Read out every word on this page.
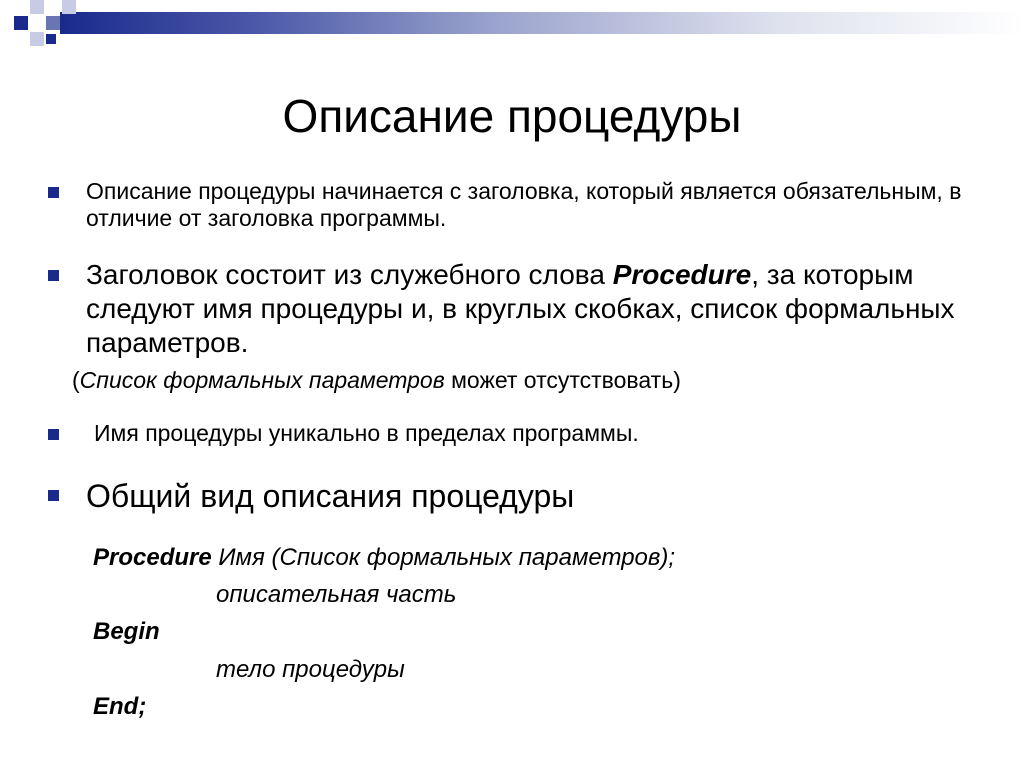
Описание процедуры
Описание процедуры начинается с заголовка, который является обязательным, в отличие от заголовка программы.
Заголовок состоит из служебного слова Procedure, за которым следуют имя процедуры и, в круглых скобках, список формальных параметров.
(Список формальных параметров может отсутствовать)
Имя процедуры уникально в пределах программы.
Общий вид описания процедуры
Procedure Имя (Список формальных параметров);
описательная часть
Begin
тело процедуры
End;
